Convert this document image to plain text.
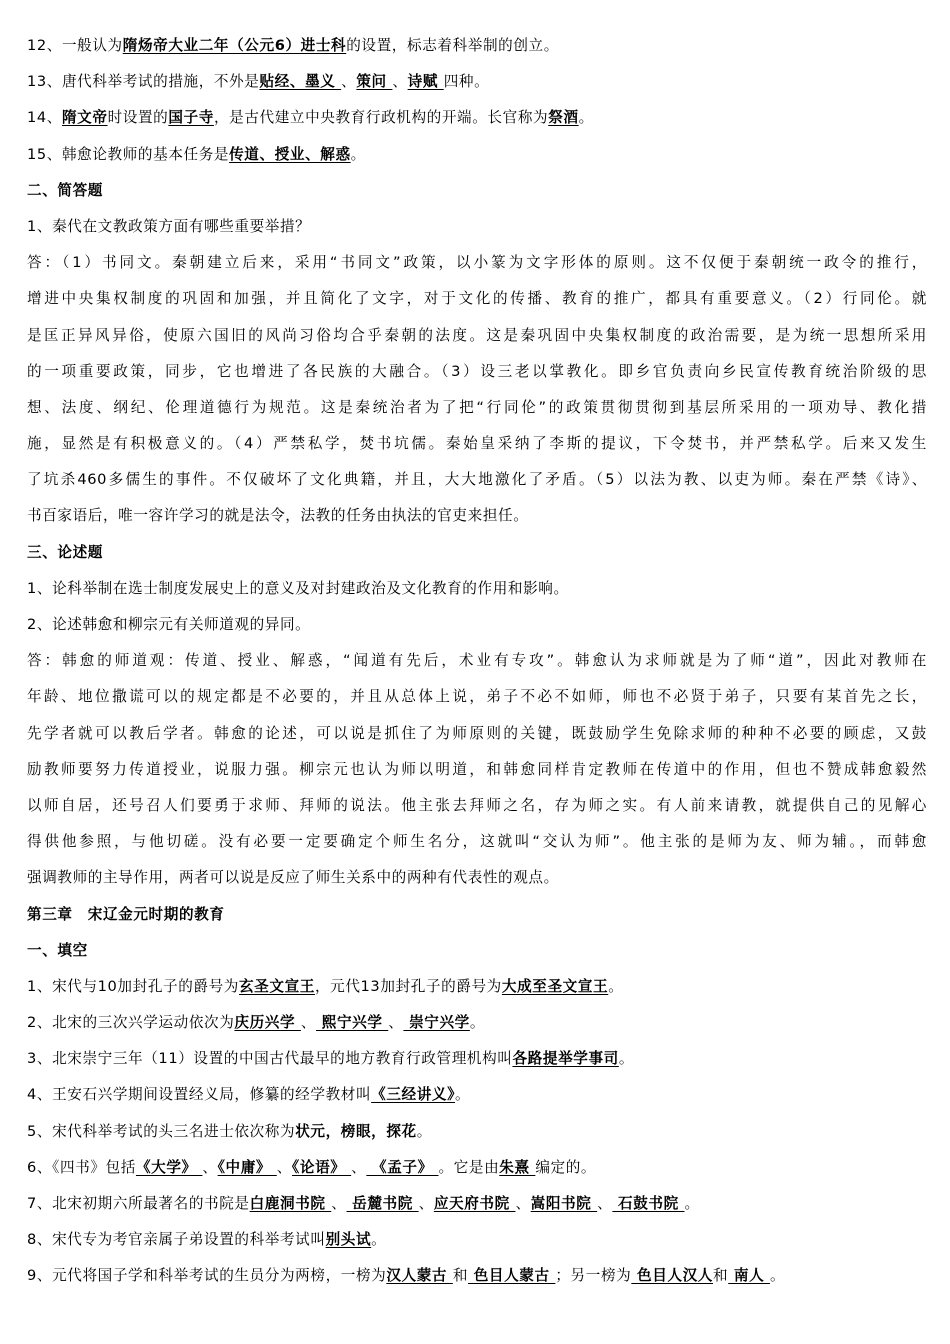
12、一般认为隋炀帝大业二年（公元6）进士科的设置，标志着科举制的创立。
13、唐代科举考试的措施，不外是贴经、墨义 、策问 、诗赋 四种。
14、隋文帝时设置的国子寺，是古代建立中央教育行政机构的开端。长官称为祭酒。
15、韩愈论教师的基本任务是传道、授业、解惑。
二、简答题
1、秦代在文教政策方面有哪些重要举措？
答：（1）书同文。秦朝建立后来，采用“书同文”政策，以小篆为文字形体的原则。这不仅便于秦朝统一政令的推行，
增进中央集权制度的巩固和加强，并且简化了文字，对于文化的传播、教育的推广，都具有重要意义。（2）行同伦。就
是匡正异风异俗，使原六国旧的风尚习俗均合乎秦朝的法度。这是秦巩固中央集权制度的政治需要，是为统一思想所采用
的一项重要政策，同步，它也增进了各民族的大融合。（3）设三老以掌教化。即乡官负责向乡民宣传教育统治阶级的思
想、法度、纲纪、伦理道德行为规范。这是秦统治者为了把“行同伦”的政策贯彻贯彻到基层所采用的一项劝导、教化措
施，显然是有积极意义的。（4）严禁私学，焚书坑儒。秦始皇采纳了李斯的提议，下令焚书，并严禁私学。后来又发生
了坑杀460多儒生的事件。不仅破坏了文化典籍，并且，大大地激化了矛盾。（5）以法为教、以吏为师。秦在严禁《诗》、
书百家语后，唯一容许学习的就是法令，法教的任务由执法的官吏来担任。
三、论述题
1、论科举制在选士制度发展史上的意义及对封建政治及文化教育的作用和影响。
2、论述韩愈和柳宗元有关师道观的异同。
答：韩愈的师道观：传道、授业、解惑，“闻道有先后，术业有专攻”。韩愈认为求师就是为了师“道”，因此对教师在
年龄、地位撒谎可以的规定都是不必要的，并且从总体上说，弟子不必不如师，师也不必贤于弟子，只要有某首先之长，
先学者就可以教后学者。韩愈的论述，可以说是抓住了为师原则的关键，既鼓励学生免除求师的种种不必要的顾虑，又鼓
励教师要努力传道授业，说服力强。柳宗元也认为师以明道，和韩愈同样肯定教师在传道中的作用，但也不赞成韩愈毅然
以师自居，还号召人们要勇于求师、拜师的说法。他主张去拜师之名，存为师之实。有人前来请教，就提供自己的见解心
得供他参照，与他切磋。没有必要一定要确定个师生名分，这就叫“交认为师”。他主张的是师为友、师为辅。，而韩愈
强调教师的主导作用，两者可以说是反应了师生关系中的两种有代表性的观点。
第三章　宋辽金元时期的教育
一、填空
1、宋代与10加封孔子的爵号为玄圣文宣王，元代13加封孔子的爵号为大成至圣文宣王。
2、北宋的三次兴学运动依次为庆历兴学 、 熙宁兴学 、 崇宁兴学。
3、北宋崇宁三年（11）设置的中国古代最早的地方教育行政管理机构叫各路提举学事司。
4、王安石兴学期间设置经义局，修纂的经学教材叫《三经讲义》。
5、宋代科举考试的头三名进士依次称为状元，榜眼，探花。
6、《四书》包括《大学》 、《中庸》 、《论语》 、 《孟子》 。它是由朱熹 编定的。
7、北宋初期六所最著名的书院是白鹿洞书院 、 岳麓书院 、应天府书院 、嵩阳书院 、 石鼓书院 。
8、宋代专为考官亲属子弟设置的科举考试叫别头试。
9、元代将国子学和科举考试的生员分为两榜，一榜为汉人蒙古 和 色目人蒙古 ；另一榜为 色目人汉人和 南人 。
